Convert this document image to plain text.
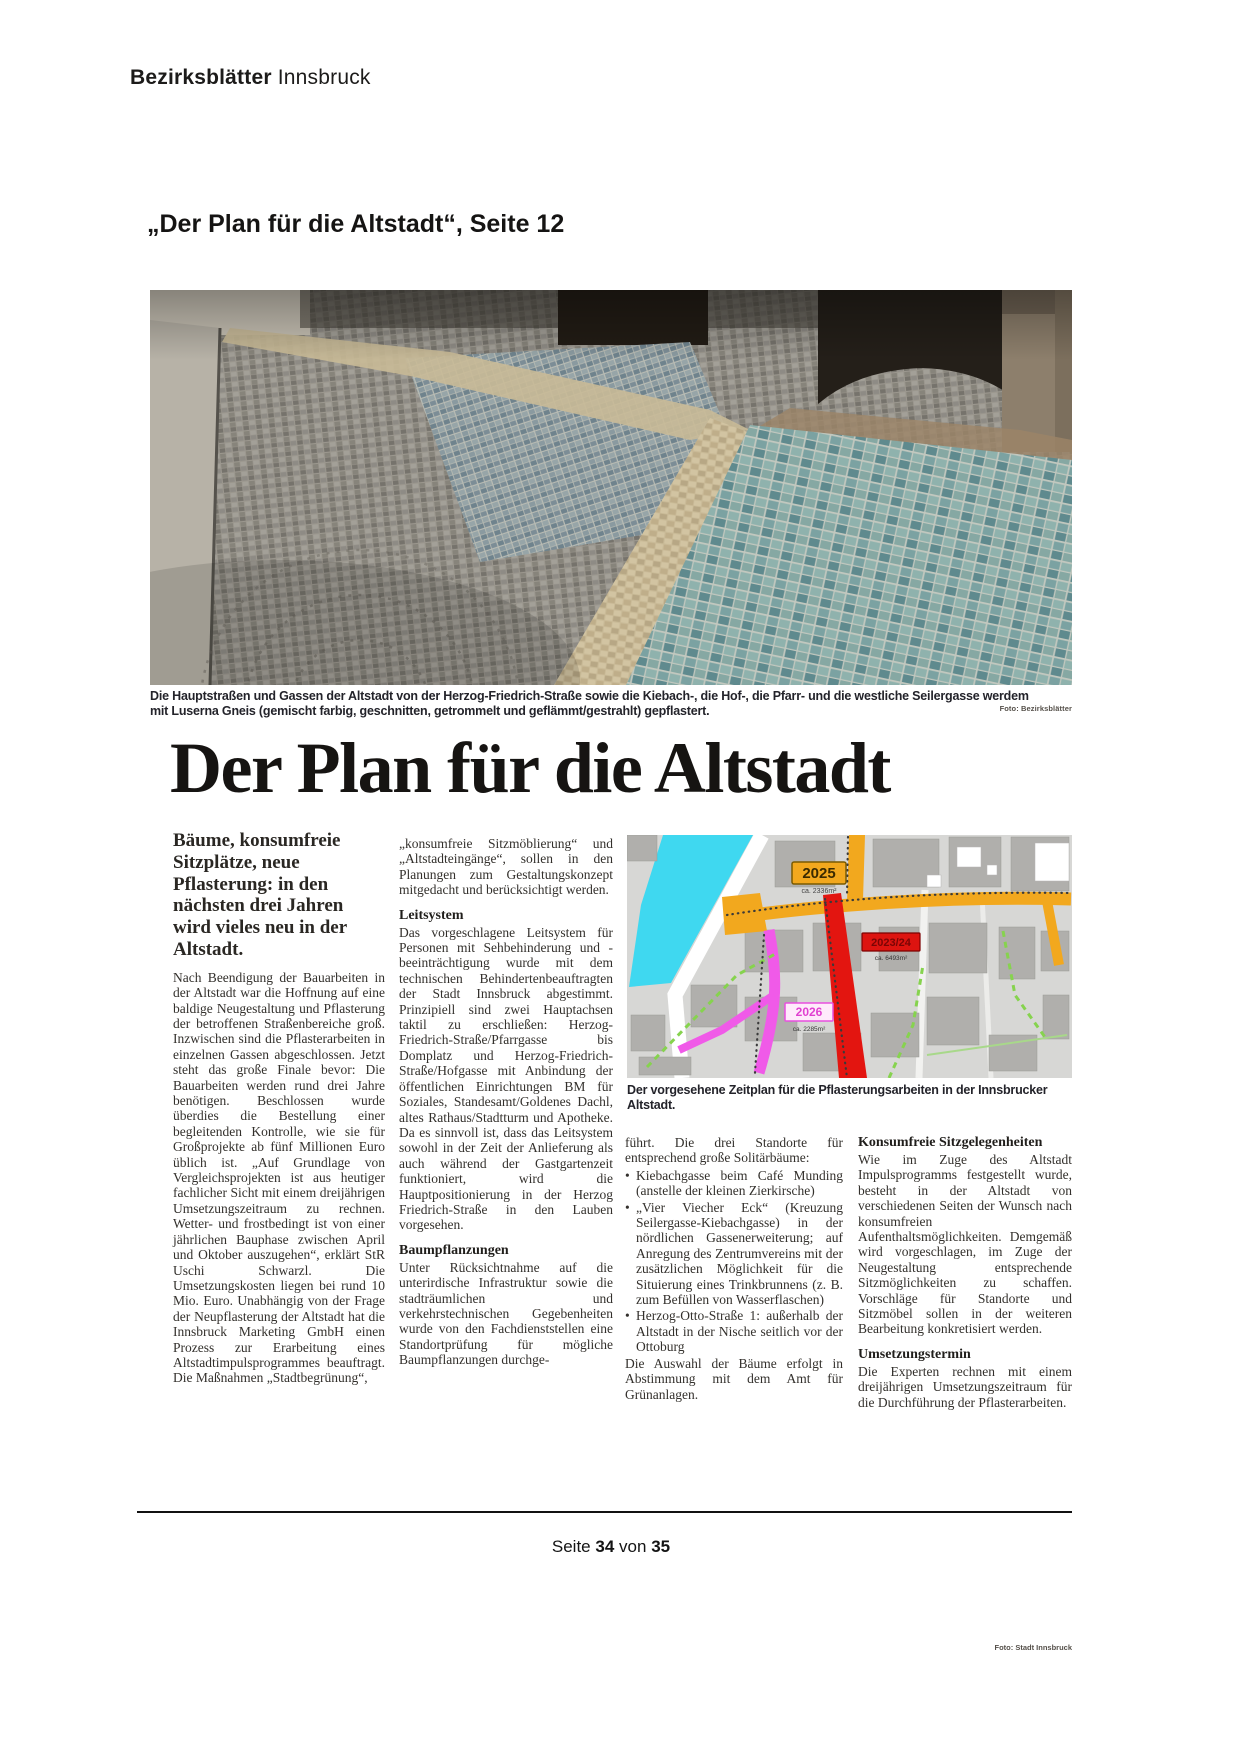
Bezirksblätter Innsbruck
„Der Plan für die Altstadt“, Seite 12
Die Hauptstraßen und Gassen der Altstadt von der Herzog-Friedrich-Straße sowie die Kiebach-, die Hof-, die Pfarr- und die westliche Seilergasse werdem
mit Luserna Gneis (gemischt farbig, geschnitten, getrommelt und geflämmt/gestrahlt) gepflastert.	Foto: Bezirksblätter
Der Plan für die Altstadt

Bäume, konsumfreie Sitzplätze, neue Pflasterung: in den nächsten drei Jahren wird vieles neu in der Altstadt.

Nach Beendigung der Bauarbeiten in der Altstadt war die Hoffnung auf eine baldige Neugestaltung und Pflasterung der betroffenen Straßenbereiche groß. Inzwischen sind die Pflasterarbeiten in einzelnen Gassen abgeschlossen. Jetzt steht das große Finale bevor: Die Bauarbeiten werden rund drei Jahre benötigen. Beschlossen wurde überdies die Bestellung einer begleitenden Kontrolle, wie sie für Großprojekte ab fünf Millionen Euro üblich ist. „Auf Grundlage von Vergleichsprojekten ist aus heutiger fachlicher Sicht mit einem dreijährigen Umsetzungszeitraum zu rechnen. Wetter- und frostbedingt ist von einer jährlichen Bauphase zwischen April und Oktober auszugehen“, erklärt StR Uschi Schwarzl. Die Umsetzungskosten liegen bei rund 10 Mio. Euro. Unabhängig von der Frage der Neupflasterung der Altstadt hat die Innsbruck Marketing GmbH einen Prozess zur Erarbeitung eines Altstadtimpulsprogrammes beauftragt. Die Maßnahmen „Stadtbegrünung“,

„konsumfreie Sitzmöblierung“ und „Altstadteingänge“, sollen in den Planungen zum Gestaltungskonzept mitgedacht und berücksichtigt werden.

Leitsystem

Das vorgeschlagene Leitsystem für Personen mit Sehbehinderung und -beeinträchtigung wurde mit dem technischen Behindertenbeauftragten der Stadt Innsbruck abgestimmt. Prinzipiell sind zwei Hauptachsen taktil zu erschließen: Herzog-Friedrich-Straße/Pfarrgasse bis Domplatz und Herzog-Friedrich-Straße/Hofgasse mit Anbindung der öffentlichen Einrichtungen BM für Soziales, Standesamt/Goldenes Dachl, altes Rathaus/Stadtturm und Apotheke. Da es sinnvoll ist, dass das Leitsystem sowohl in der Zeit der Anlieferung als auch während der Gastgartenzeit funktioniert, wird die Hauptpositionierung in der Herzog Friedrich-Straße in den Lauben vorgesehen.

Baumpflanzungen

Unter Rücksichtnahme auf die unterirdische Infrastruktur sowie die stadträumlichen und verkehrstechnischen Gegebenheiten wurde von den Fachdienststellen eine Standortprüfung für mögliche Baumpflanzungen durchge-

2025
ca. 2336m²
2023/24
ca. 6493m²
2026
ca. 2285m²
Foto: Stadt Innsbruck
Der vorgesehene Zeitplan für die Pflasterungsarbeiten in der Innsbrucker Altstadt.

führt. Die drei Standorte für entsprechend große Solitärbäume:

• Kiebachgasse beim Café Munding (anstelle der kleinen Zierkirsche)
• „Vier Viecher Eck“ (Kreuzung Seilergasse-Kiebachgasse) in der nördlichen Gassenerweiterung; auf Anregung des Zentrumvereins mit der zusätzlichen Möglichkeit für die Situierung eines Trinkbrunnens (z. B. zum Befüllen von Wasserflaschen)
• Herzog-Otto-Straße 1: außerhalb der Altstadt in der Nische seitlich vor der Ottoburg

Die Auswahl der Bäume erfolgt in Abstimmung mit dem Amt für Grünanlagen.

Konsumfreie Sitzgelegenheiten

Wie im Zuge des Altstadt Impulsprogramms festgestellt wurde, besteht in der Altstadt von verschiedenen Seiten der Wunsch nach konsumfreien Aufenthaltsmöglichkeiten. Demgemäß wird vorgeschlagen, im Zuge der Neugestaltung entsprechende Sitzmöglichkeiten zu schaffen. Vorschläge für Standorte und Sitzmöbel sollen in der weiteren Bearbeitung konkretisiert werden.

Umsetzungstermin

Die Experten rechnen mit einem dreijährigen Umsetzungszeitraum für die Durchführung der Pflasterarbeiten.

Seite 34 von 35
